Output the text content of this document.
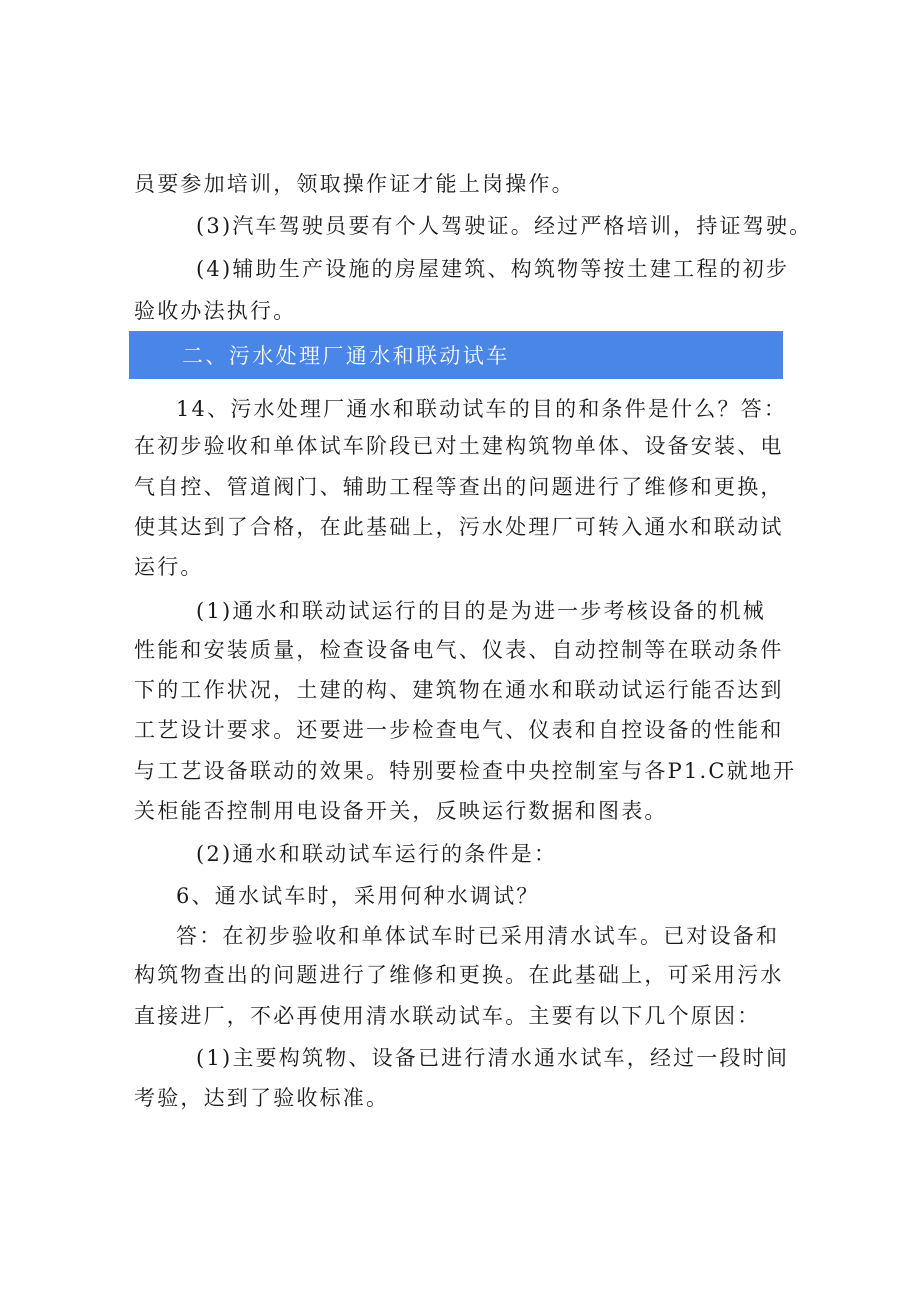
员要参加培训，领取操作证才能上岗操作。
(3)汽车驾驶员要有个人驾驶证。经过严格培训，持证驾驶。
(4)辅助生产设施的房屋建筑、构筑物等按土建工程的初步
验收办法执行。
二、污水处理厂通水和联动试车
14、污水处理厂通水和联动试车的目的和条件是什么？答：
在初步验收和单体试车阶段已对土建构筑物单体、设备安装、电
气自控、管道阀门、辅助工程等查出的问题进行了维修和更换，
使其达到了合格，在此基础上，污水处理厂可转入通水和联动试
运行。
(1)通水和联动试运行的目的是为进一步考核设备的机械
性能和安装质量，检查设备电气、仪表、自动控制等在联动条件
下的工作状况，土建的构、建筑物在通水和联动试运行能否达到
工艺设计要求。还要进一步检查电气、仪表和自控设备的性能和
与工艺设备联动的效果。特别要检查中央控制室与各P1.C就地开
关柜能否控制用电设备开关，反映运行数据和图表。
(2)通水和联动试车运行的条件是：
6、通水试车时，采用何种水调试？
答：在初步验收和单体试车时已采用清水试车。已对设备和
构筑物查出的问题进行了维修和更换。在此基础上，可采用污水
直接进厂，不必再使用清水联动试车。主要有以下几个原因：
(1)主要构筑物、设备已进行清水通水试车，经过一段时间
考验，达到了验收标准。
